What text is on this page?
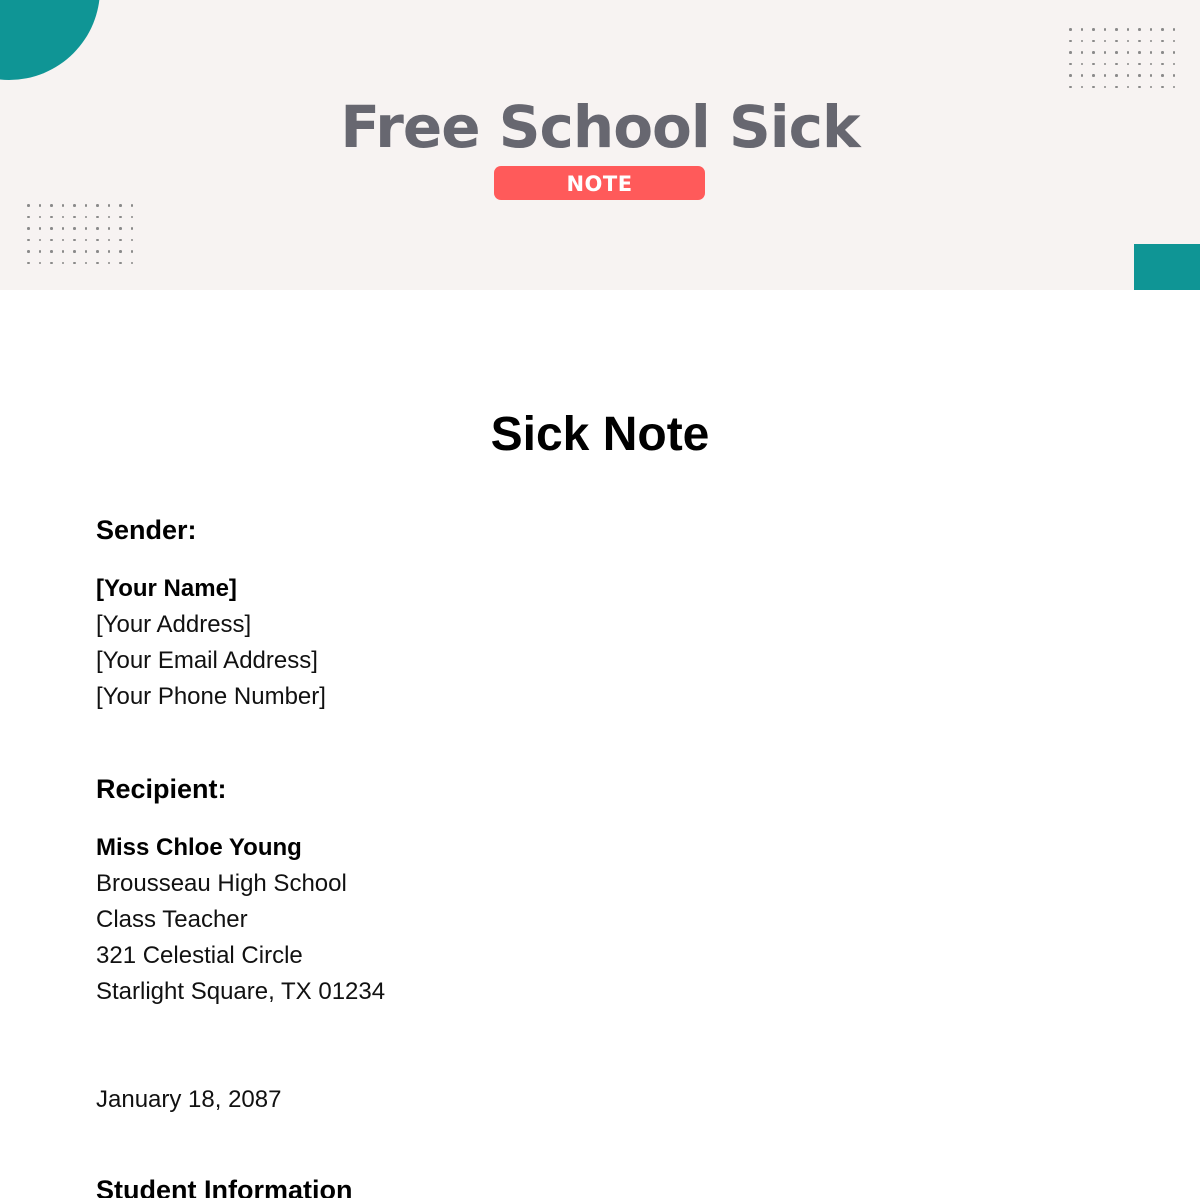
Free School Sick
NOTE
Sick Note
Sender:
[Your Name]
[Your Address]
[Your Email Address]
[Your Phone Number]
Recipient:
Miss Chloe Young
Brousseau High School
Class Teacher
321 Celestial Circle
Starlight Square, TX 01234
January 18, 2087
Student Information
